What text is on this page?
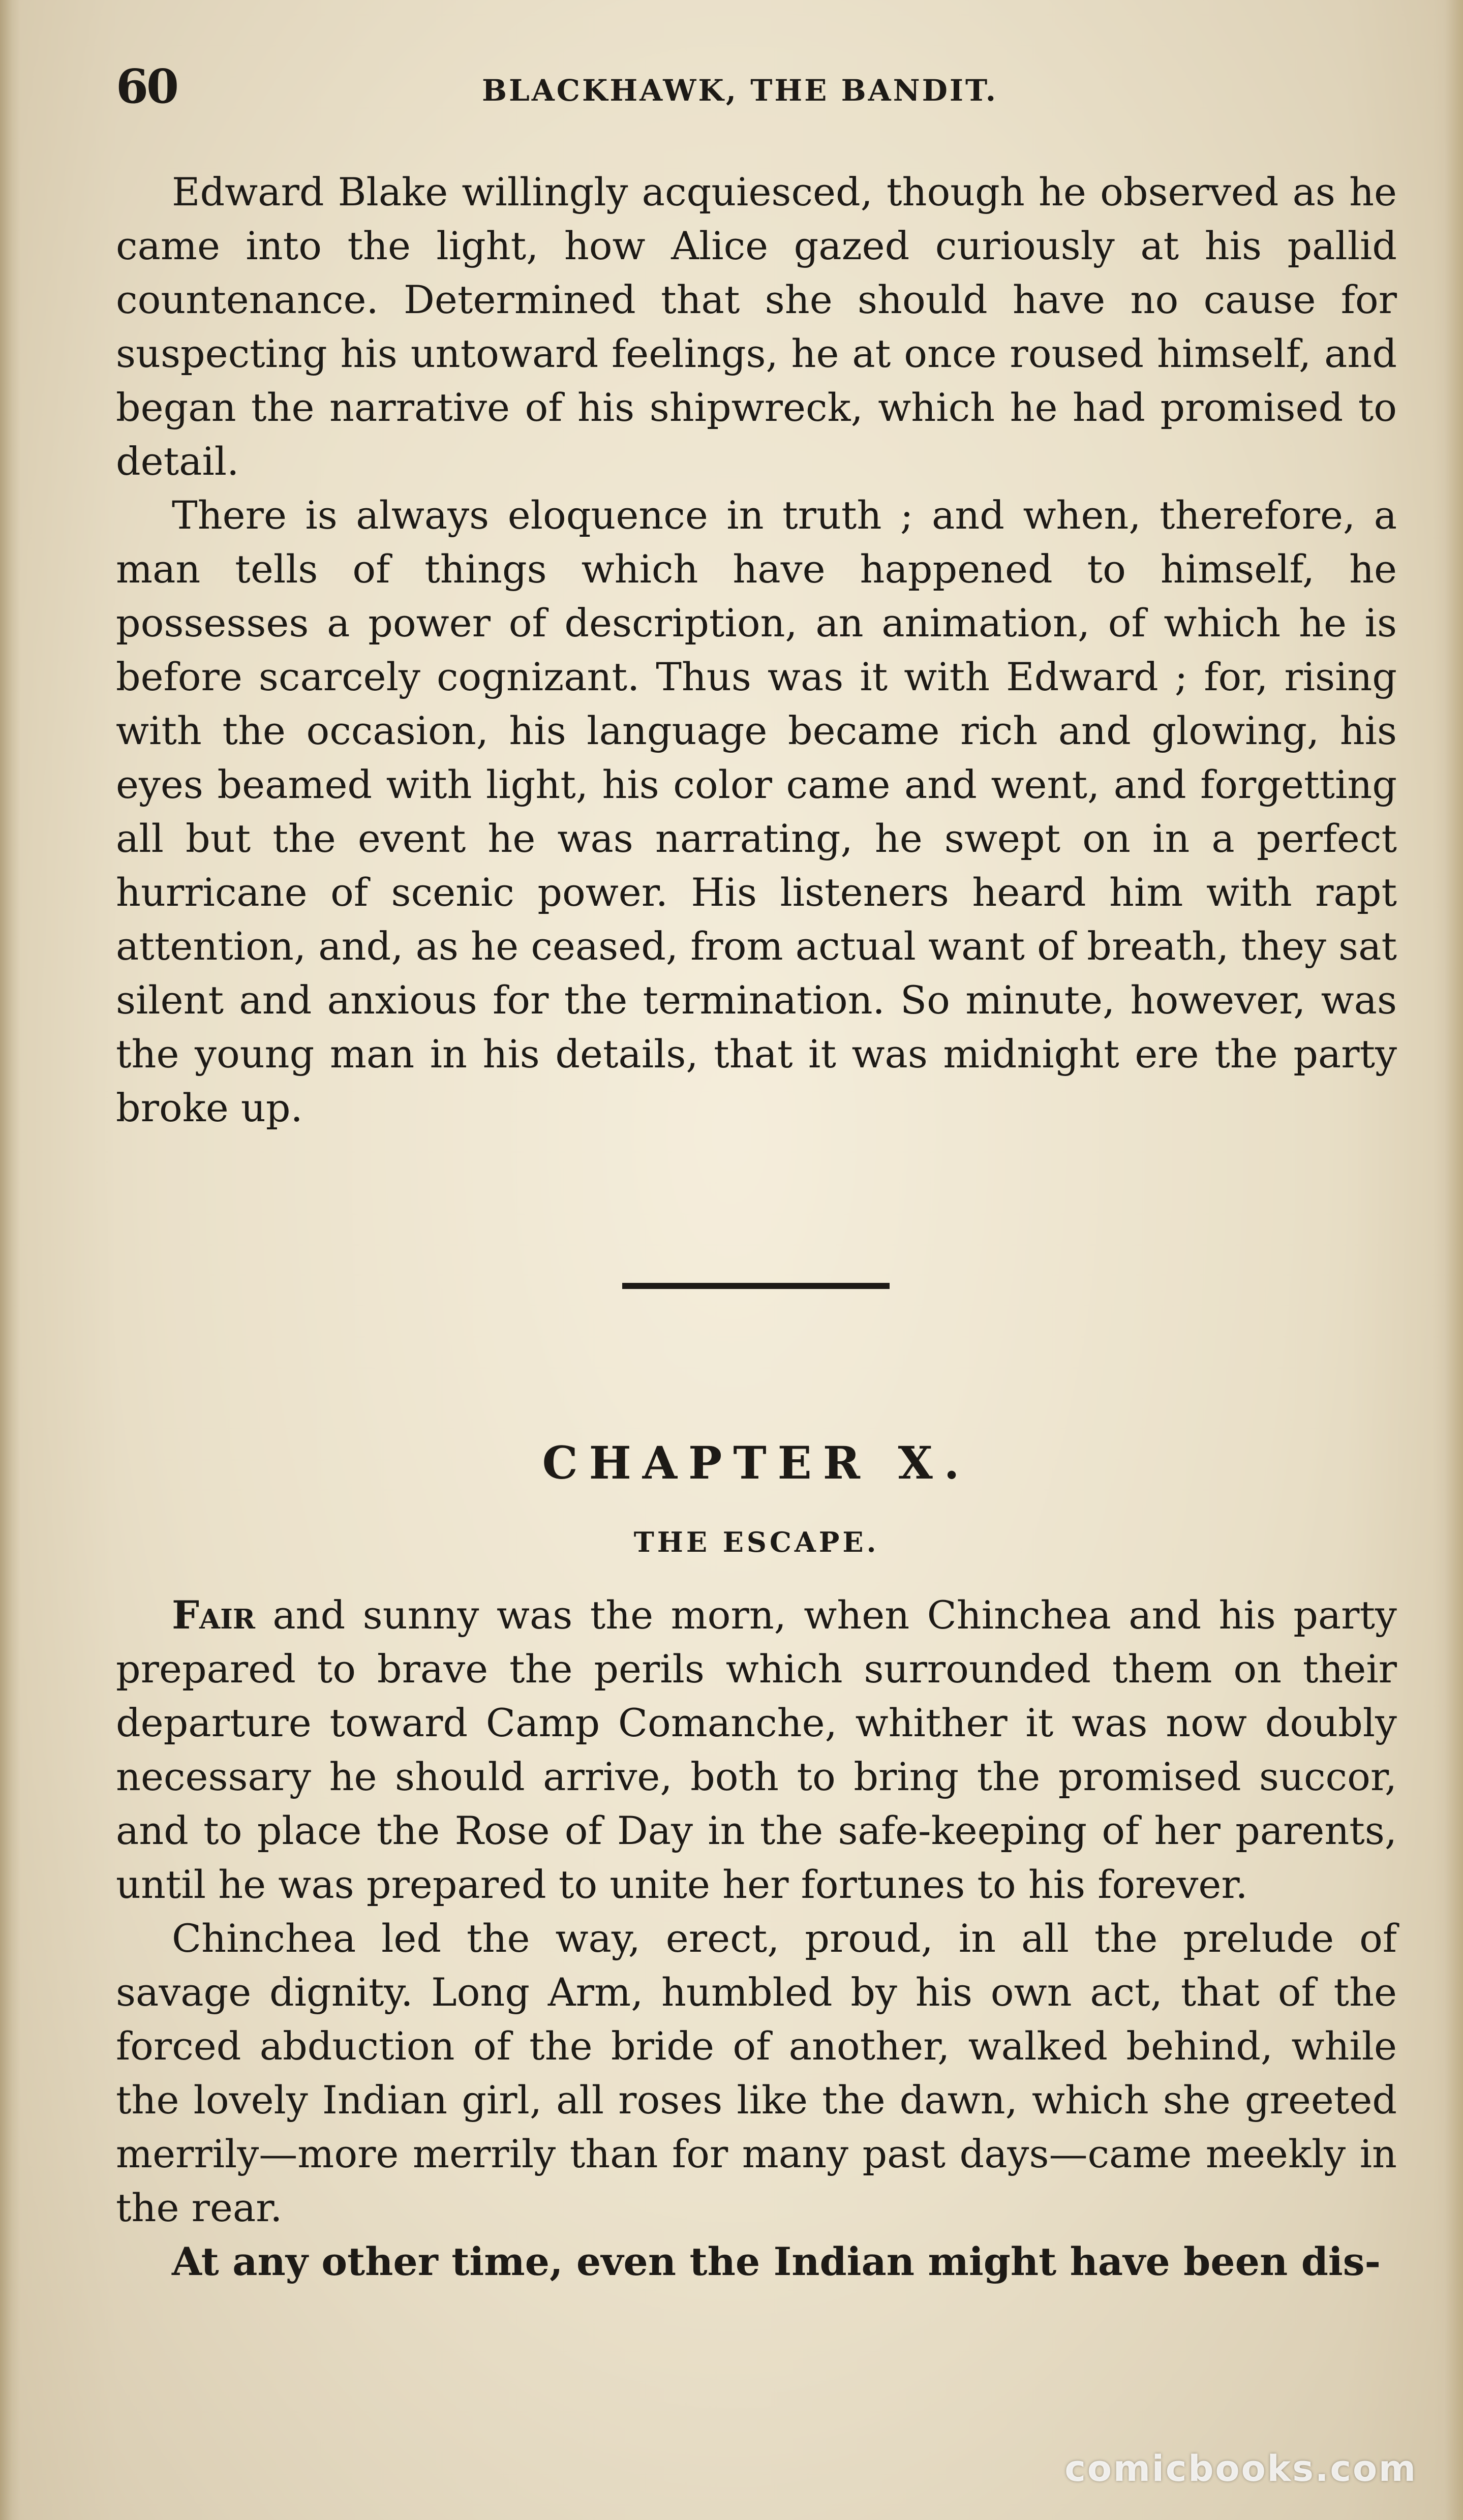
60	BLACKHAWK, THE BANDIT.

Edward Blake willingly acquiesced, though he observed as he came into the light, how Alice gazed curiously at his pallid countenance. Determined that she should have no cause for suspecting his untoward feelings, he at once roused himself, and began the narrative of his shipwreck, which he had promised to detail.

There is always eloquence in truth ; and when, therefore, a man tells of things which have happened to himself, he possesses a power of description, an animation, of which he is before scarcely cognizant. Thus was it with Edward ; for, rising with the occasion, his language became rich and glowing, his eyes beamed with light, his color came and went, and forgetting all but the event he was narrating, he swept on in a perfect hurricane of scenic power. His listeners heard him with rapt attention, and, as he ceased, from actual want of breath, they sat silent and anxious for the termination. So minute, however, was the young man in his details, that it was midnight ere the party broke up.

CHAPTER X.
THE ESCAPE.

Fair and sunny was the morn, when Chinchea and his party prepared to brave the perils which surrounded them on their departure toward Camp Comanche, whither it was now doubly necessary he should arrive, both to bring the promised succor, and to place the Rose of Day in the safe-keeping of her parents, until he was prepared to unite her fortunes to his forever.

Chinchea led the way, erect, proud, in all the prelude of savage dignity. Long Arm, humbled by his own act, that of the forced abduction of the bride of another, walked behind, while the lovely Indian girl, all roses like the dawn, which she greeted merrily—more merrily than for many past days—came meekly in the rear.

At any other time, even the Indian might have been dis-

comicbooks.com
